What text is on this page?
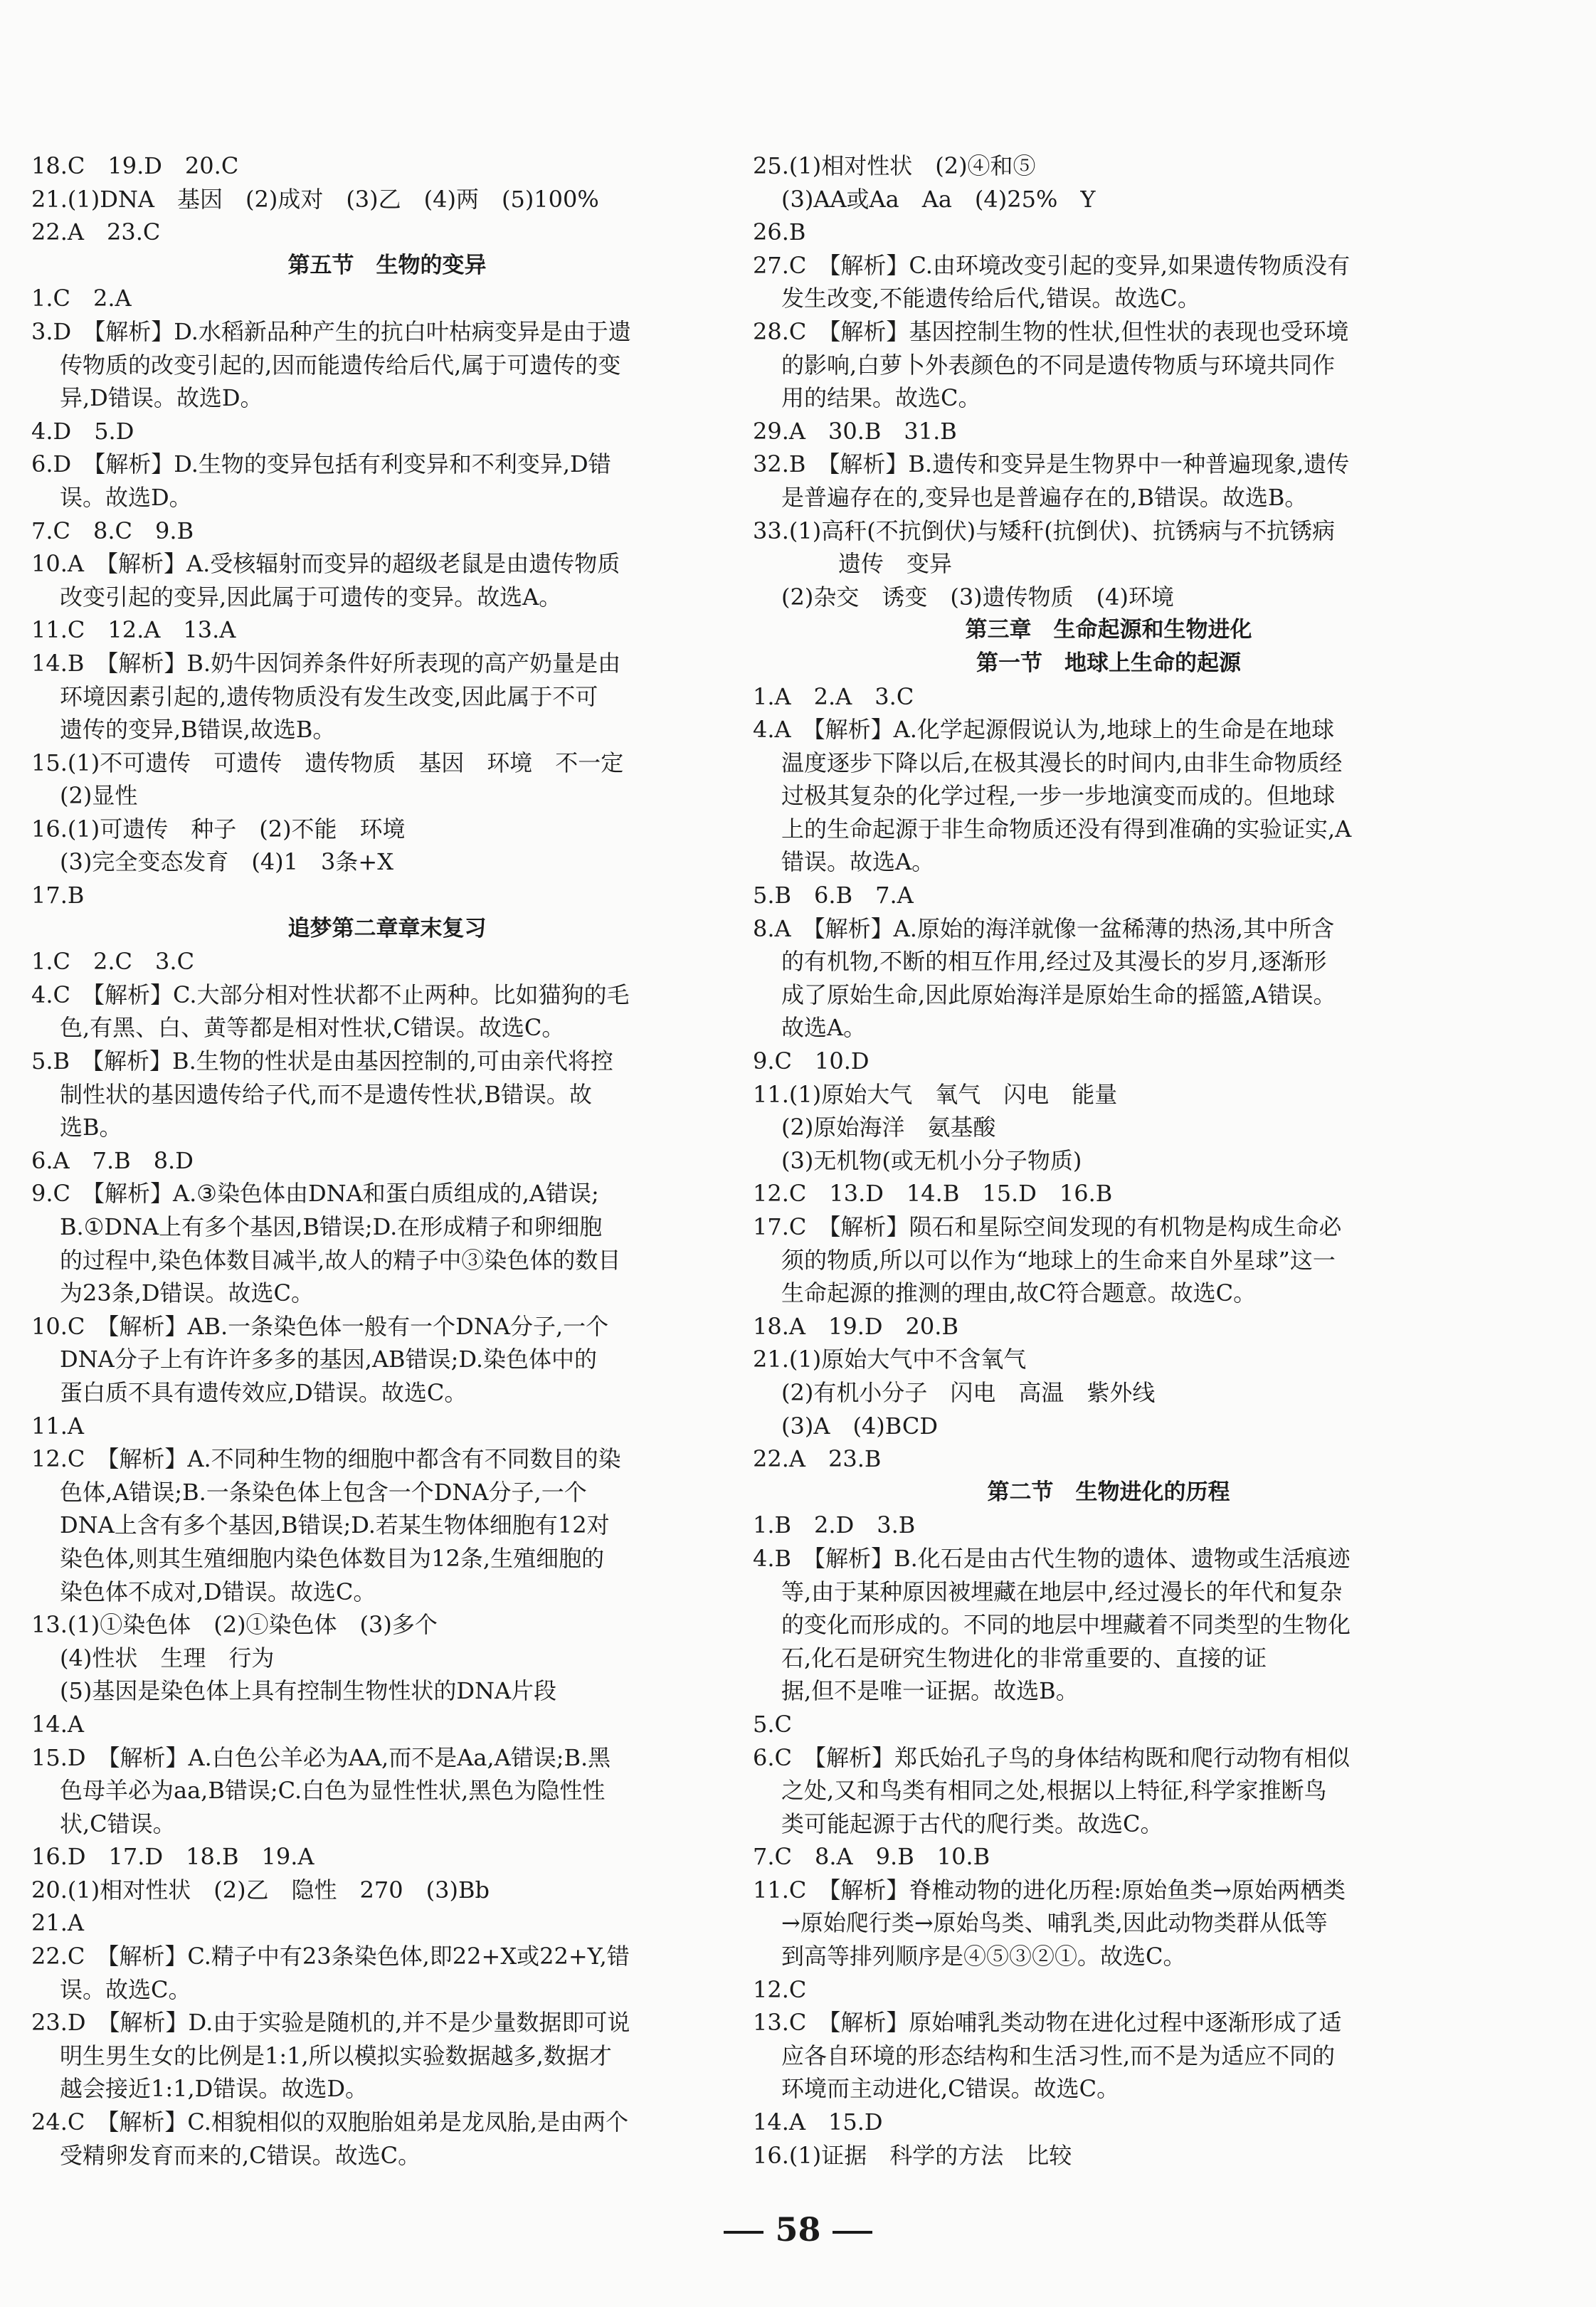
18.C　19.D　20.C
21.(1)DNA　基因　(2)成对　(3)乙　(4)两　(5)100%
22.A　23.C
第五节　生物的变异
1.C　2.A
3.D　【解析】D.水稻新品种产生的抗白叶枯病变异是由于遗
传物质的改变引起的,因而能遗传给后代,属于可遗传的变
异,D错误。故选D。
4.D　5.D
6.D　【解析】D.生物的变异包括有利变异和不利变异,D错
误。故选D。
7.C　8.C　9.B
10.A　【解析】A.受核辐射而变异的超级老鼠是由遗传物质
改变引起的变异,因此属于可遗传的变异。故选A。
11.C　12.A　13.A
14.B　【解析】B.奶牛因饲养条件好所表现的高产奶量是由
环境因素引起的,遗传物质没有发生改变,因此属于不可
遗传的变异,B错误,故选B。
15.(1)不可遗传　可遗传　遗传物质　基因　环境　不一定
(2)显性
16.(1)可遗传　种子　(2)不能　环境
(3)完全变态发育　(4)1　3条+X
17.B
追梦第二章章末复习
1.C　2.C　3.C
4.C　【解析】C.大部分相对性状都不止两种。比如猫狗的毛
色,有黑、白、黄等都是相对性状,C错误。故选C。
5.B　【解析】B.生物的性状是由基因控制的,可由亲代将控
制性状的基因遗传给子代,而不是遗传性状,B错误。故
选B。
6.A　7.B　8.D
9.C　【解析】A.③染色体由DNA和蛋白质组成的,A错误;
B.①DNA上有多个基因,B错误;D.在形成精子和卵细胞
的过程中,染色体数目减半,故人的精子中③染色体的数目
为23条,D错误。故选C。
10.C　【解析】AB.一条染色体一般有一个DNA分子,一个
DNA分子上有许许多多的基因,AB错误;D.染色体中的
蛋白质不具有遗传效应,D错误。故选C。
11.A
12.C　【解析】A.不同种生物的细胞中都含有不同数目的染
色体,A错误;B.一条染色体上包含一个DNA分子,一个
DNA上含有多个基因,B错误;D.若某生物体细胞有12对
染色体,则其生殖细胞内染色体数目为12条,生殖细胞的
染色体不成对,D错误。故选C。
13.(1)①染色体　(2)①染色体　(3)多个
(4)性状　生理　行为
(5)基因是染色体上具有控制生物性状的DNA片段
14.A
15.D　【解析】A.白色公羊必为AA,而不是Aa,A错误;B.黑
色母羊必为aa,B错误;C.白色为显性性状,黑色为隐性性
状,C错误。
16.D　17.D　18.B　19.A
20.(1)相对性状　(2)乙　隐性　270　(3)Bb
21.A
22.C　【解析】C.精子中有23条染色体,即22+X或22+Y,错
误。故选C。
23.D　【解析】D.由于实验是随机的,并不是少量数据即可说
明生男生女的比例是1:1,所以模拟实验数据越多,数据才
越会接近1:1,D错误。故选D。
24.C　【解析】C.相貌相似的双胞胎姐弟是龙凤胎,是由两个
受精卵发育而来的,C错误。故选C。
25.(1)相对性状　(2)④和⑤
(3)AA或Aa　Aa　(4)25%　Y
26.B
27.C　【解析】C.由环境改变引起的变异,如果遗传物质没有
发生改变,不能遗传给后代,错误。故选C。
28.C　【解析】基因控制生物的性状,但性状的表现也受环境
的影响,白萝卜外表颜色的不同是遗传物质与环境共同作
用的结果。故选C。
29.A　30.B　31.B
32.B　【解析】B.遗传和变异是生物界中一种普遍现象,遗传
是普遍存在的,变异也是普遍存在的,B错误。故选B。
33.(1)高秆(不抗倒伏)与矮秆(抗倒伏)、抗锈病与不抗锈病
遗传　变异
(2)杂交　诱变　(3)遗传物质　(4)环境
第三章　生命起源和生物进化
第一节　地球上生命的起源
1.A　2.A　3.C
4.A　【解析】A.化学起源假说认为,地球上的生命是在地球
温度逐步下降以后,在极其漫长的时间内,由非生命物质经
过极其复杂的化学过程,一步一步地演变而成的。但地球
上的生命起源于非生命物质还没有得到准确的实验证实,A
错误。故选A。
5.B　6.B　7.A
8.A　【解析】A.原始的海洋就像一盆稀薄的热汤,其中所含
的有机物,不断的相互作用,经过及其漫长的岁月,逐渐形
成了原始生命,因此原始海洋是原始生命的摇篮,A错误。
故选A。
9.C　10.D
11.(1)原始大气　氧气　闪电　能量
(2)原始海洋　氨基酸
(3)无机物(或无机小分子物质)
12.C　13.D　14.B　15.D　16.B
17.C　【解析】陨石和星际空间发现的有机物是构成生命必
须的物质,所以可以作为“地球上的生命来自外星球”这一
生命起源的推测的理由,故C符合题意。故选C。
18.A　19.D　20.B
21.(1)原始大气中不含氧气
(2)有机小分子　闪电　高温　紫外线
(3)A　(4)BCD
22.A　23.B
第二节　生物进化的历程
1.B　2.D　3.B
4.B　【解析】B.化石是由古代生物的遗体、遗物或生活痕迹
等,由于某种原因被埋藏在地层中,经过漫长的年代和复杂
的变化而形成的。不同的地层中埋藏着不同类型的生物化
石,化石是研究生物进化的非常重要的、直接的证
据,但不是唯一证据。故选B。
5.C
6.C　【解析】郑氏始孔子鸟的身体结构既和爬行动物有相似
之处,又和鸟类有相同之处,根据以上特征,科学家推断鸟
类可能起源于古代的爬行类。故选C。
7.C　8.A　9.B　10.B
11.C　【解析】脊椎动物的进化历程:原始鱼类→原始两栖类
→原始爬行类→原始鸟类、哺乳类,因此动物类群从低等
到高等排列顺序是④⑤③②①。故选C。
12.C
13.C　【解析】原始哺乳类动物在进化过程中逐渐形成了适
应各自环境的形态结构和生活习性,而不是为适应不同的
环境而主动进化,C错误。故选C。
14.A　15.D
16.(1)证据　科学的方法　比较
58
